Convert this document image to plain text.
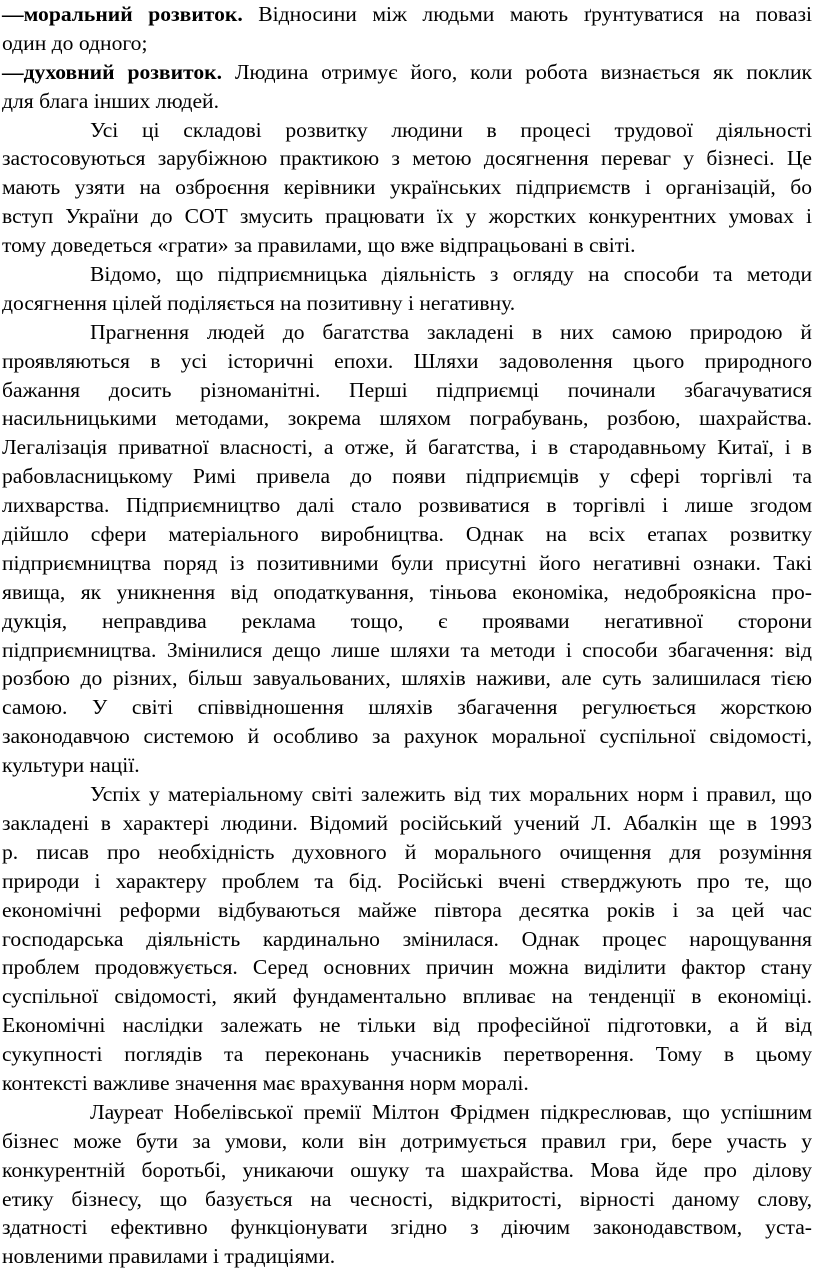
—моральний розвиток. Відносини між людьми мають ґрунтуватися на повазі
один до одного;
—духовний розвиток. Людина отримує його, коли робота визнається як поклик
для блага інших людей.
Усі ці складові розвитку людини в процесі трудової діяльності
застосовуються зарубіжною практикою з метою досягнення переваг у бізнесі. Це
мають узяти на озброєння керівники українських підприємств і організацій, бо
вступ України до СОТ змусить працювати їх у жорстких конкурентних умовах і
тому доведеться «грати» за правилами, що вже відпрацьовані в світі.
Відомо, що підприємницька діяльність з огляду на способи та методи
досягнення цілей поділяється на позитивну і негативну.
Прагнення людей до багатства закладені в них самою природою й
проявляються в усі історичні епохи. Шляхи задоволення цього природного
бажання досить різноманітні. Перші підприємці починали збагачуватися
насильницькими методами, зокрема шляхом пограбувань, розбою, шахрайства.
Легалізація приватної власності, а отже, й багатства, і в стародавньому Китаї, і в
рабовласницькому Римі привела до появи підприємців у сфері торгівлі та
лихварства. Підприємництво далі стало розвиватися в торгівлі і лише згодом
дійшло сфери матеріального виробництва. Однак на всіх етапах розвитку
підприємництва поряд із позитивними були присутні його негативні ознаки. Такі
явища, як уникнення від оподаткування, тіньова економіка, недоброякісна про-
дукція, неправдива реклама тощо, є проявами негативної сторони
підприємництва. Змінилися дещо лише шляхи та методи і способи збагачення: від
розбою до різних, більш завуальованих, шляхів наживи, але суть залишилася тією
самою. У світі співвідношення шляхів збагачення регулюється жорсткою
законодавчою системою й особливо за рахунок моральної суспільної свідомості,
культури нації.
Успіх у матеріальному світі залежить від тих моральних норм і правил, що
закладені в характері людини. Відомий російський учений Л. Абалкін ще в 1993
р. писав про необхідність духовного й морального очищення для розуміння
природи і характеру проблем та бід. Російські вчені стверджують про те, що
економічні реформи відбуваються майже півтора десятка років і за цей час
господарська діяльність кардинально змінилася. Однак процес нарощування
проблем продовжується. Серед основних причин можна виділити фактор стану
суспільної свідомості, який фундаментально впливає на тенденції в економіці.
Економічні наслідки залежать не тільки від професійної підготовки, а й від
сукупності поглядів та переконань учасників перетворення. Тому в цьому
контексті важливе значення має врахування норм моралі.
Лауреат Нобелівської премії Мілтон Фрідмен підкреслював, що успішним
бізнес може бути за умови, коли він дотримується правил гри, бере участь у
конкурентній боротьбі, уникаючи ошуку та шахрайства. Мова йде про ділову
етику бізнесу, що базується на чесності, відкритості, вірності даному слову,
здатності ефективно функціонувати згідно з діючим законодавством, уста-
новленими правилами і традиціями.
